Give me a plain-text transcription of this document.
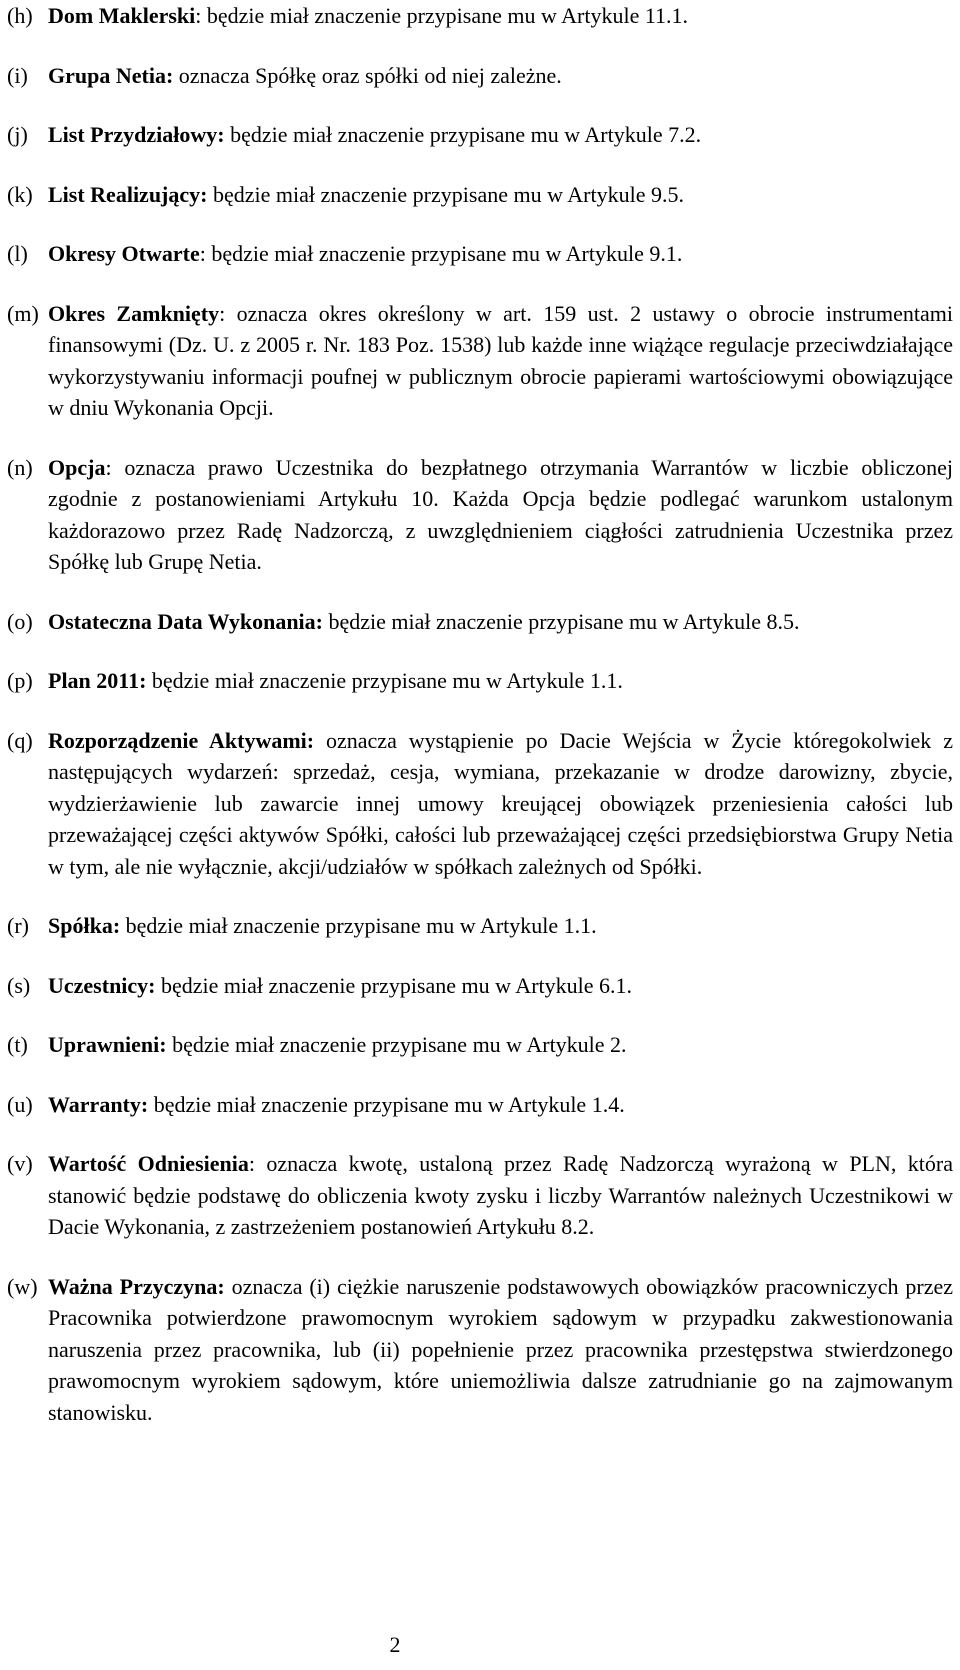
(h) Dom Maklerski: będzie miał znaczenie przypisane mu w Artykule 11.1.
(i) Grupa Netia: oznacza Spółkę oraz spółki od niej zależne.
(j) List Przydziałowy: będzie miał znaczenie przypisane mu w Artykule 7.2.
(k) List Realizujący: będzie miał znaczenie przypisane mu w Artykule 9.5.
(l) Okresy Otwarte: będzie miał znaczenie przypisane mu w Artykule 9.1.
(m) Okres Zamknięty: oznacza okres określony w art. 159 ust. 2 ustawy o obrocie instrumentami finansowymi (Dz. U. z 2005 r. Nr. 183 Poz. 1538) lub każde inne wiążące regulacje przeciwdziałające wykorzystywaniu informacji poufnej w publicznym obrocie papierami wartościowymi obowiązujące w dniu Wykonania Opcji.
(n) Opcja: oznacza prawo Uczestnika do bezpłatnego otrzymania Warrantów w liczbie obliczonej zgodnie z postanowieniami Artykułu 10. Każda Opcja będzie podlegać warunkom ustalonym każdorazowo przez Radę Nadzorczą, z uwzględnieniem ciągłości zatrudnienia Uczestnika przez Spółkę lub Grupę Netia.
(o) Ostateczna Data Wykonania: będzie miał znaczenie przypisane mu w Artykule 8.5.
(p) Plan 2011: będzie miał znaczenie przypisane mu w Artykule 1.1.
(q) Rozporządzenie Aktywami: oznacza wystąpienie po Dacie Wejścia w Życie któregokolwiek z następujących wydarzeń: sprzedaż, cesja, wymiana, przekazanie w drodze darowizny, zbycie, wydzierżawienie lub zawarcie innej umowy kreującej obowiązek przeniesienia całości lub przeważającej części aktywów Spółki, całości lub przeważającej części przedsiębiorstwa Grupy Netia w tym, ale nie wyłącznie, akcji/udziałów w spółkach zależnych od Spółki.
(r) Spółka: będzie miał znaczenie przypisane mu w Artykule 1.1.
(s) Uczestnicy: będzie miał znaczenie przypisane mu w Artykule 6.1.
(t) Uprawnieni: będzie miał znaczenie przypisane mu w Artykule 2.
(u) Warranty: będzie miał znaczenie przypisane mu w Artykule 1.4.
(v) Wartość Odniesienia: oznacza kwotę, ustaloną przez Radę Nadzorczą wyrażoną w PLN, która stanowić będzie podstawę do obliczenia kwoty zysku i liczby Warrantów należnych Uczestnikowi w Dacie Wykonania, z zastrzeżeniem postanowień Artykułu 8.2.
(w) Ważna Przyczyna: oznacza (i) ciężkie naruszenie podstawowych obowiązków pracowniczych przez Pracownika potwierdzone prawomocnym wyrokiem sądowym w przypadku zakwestionowania naruszenia przez pracownika, lub (ii) popełnienie przez pracownika przestępstwa stwierdzonego prawomocnym wyrokiem sądowym, które uniemożliwia dalsze zatrudnianie go na zajmowanym stanowisku.
2
